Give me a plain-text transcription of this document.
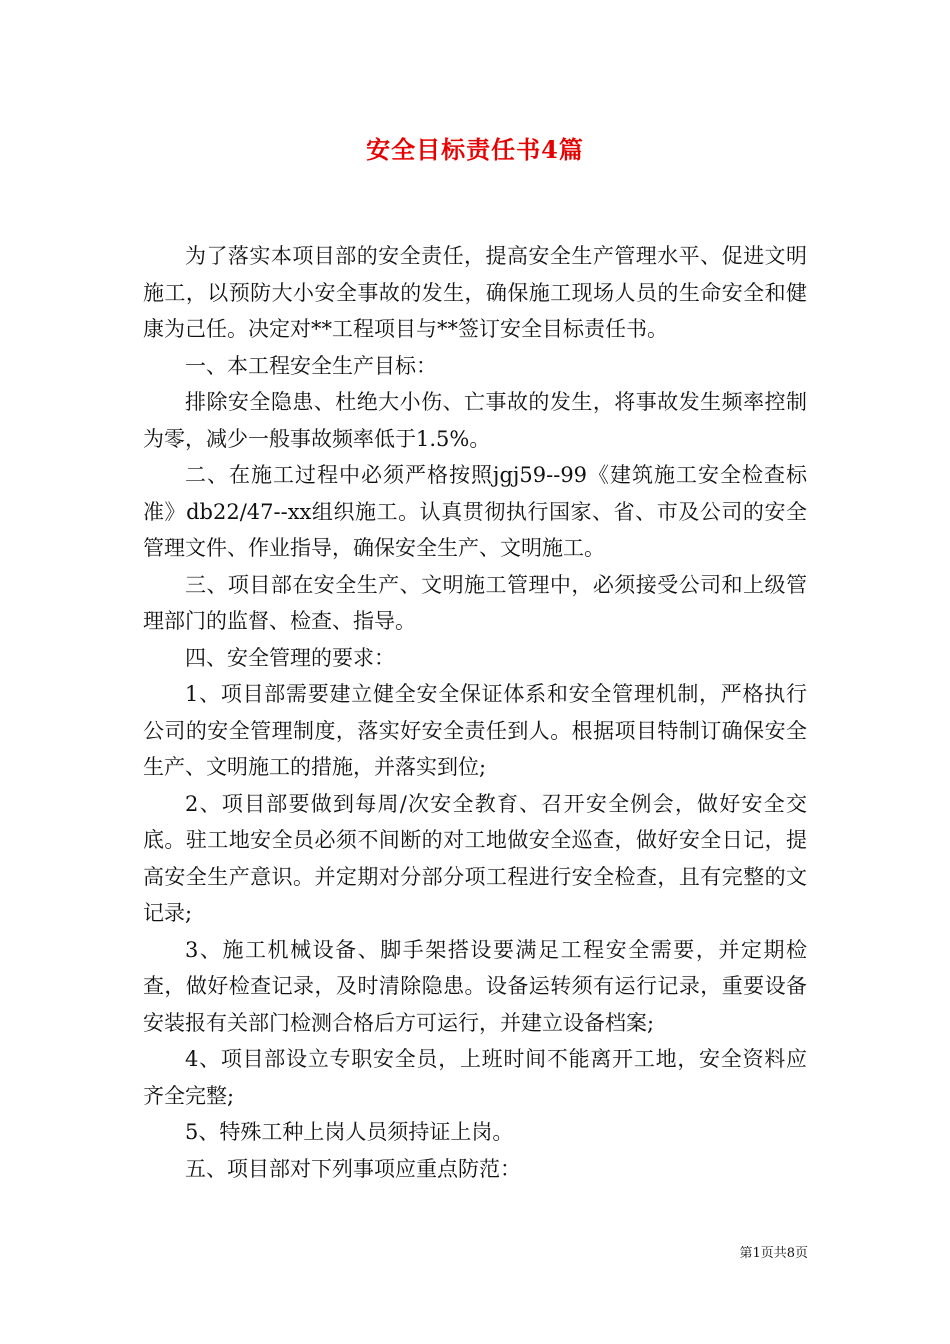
安全目标责任书4篇

为了落实本项目部的安全责任，提高安全生产管理水平、促进文明施工，以预防大小安全事故的发生，确保施工现场人员的生命安全和健康为己任。决定对**工程项目与**签订安全目标责任书。

一、本工程安全生产目标：

排除安全隐患、杜绝大小伤、亡事故的发生，将事故发生频率控制为零，减少一般事故频率低于1.5%。

二、在施工过程中必须严格按照jgj59--99《建筑施工安全检查标准》db22/47--xx组织施工。认真贯彻执行国家、省、市及公司的安全管理文件、作业指导，确保安全生产、文明施工。

三、项目部在安全生产、文明施工管理中，必须接受公司和上级管理部门的监督、检查、指导。

四、安全管理的要求：

1、项目部需要建立健全安全保证体系和安全管理机制，严格执行公司的安全管理制度，落实好安全责任到人。根据项目特制订确保安全生产、文明施工的措施，并落实到位;

2、项目部要做到每周/次安全教育、召开安全例会，做好安全交底。驻工地安全员必须不间断的对工地做安全巡查，做好安全日记，提高安全生产意识。并定期对分部分项工程进行安全检查，且有完整的文记录;

3、施工机械设备、脚手架搭设要满足工程安全需要，并定期检查，做好检查记录，及时清除隐患。设备运转须有运行记录，重要设备安装报有关部门检测合格后方可运行，并建立设备档案;

4、项目部设立专职安全员，上班时间不能离开工地，安全资料应齐全完整;

5、特殊工种上岗人员须持证上岗。

五、项目部对下列事项应重点防范：

第1页共8页
